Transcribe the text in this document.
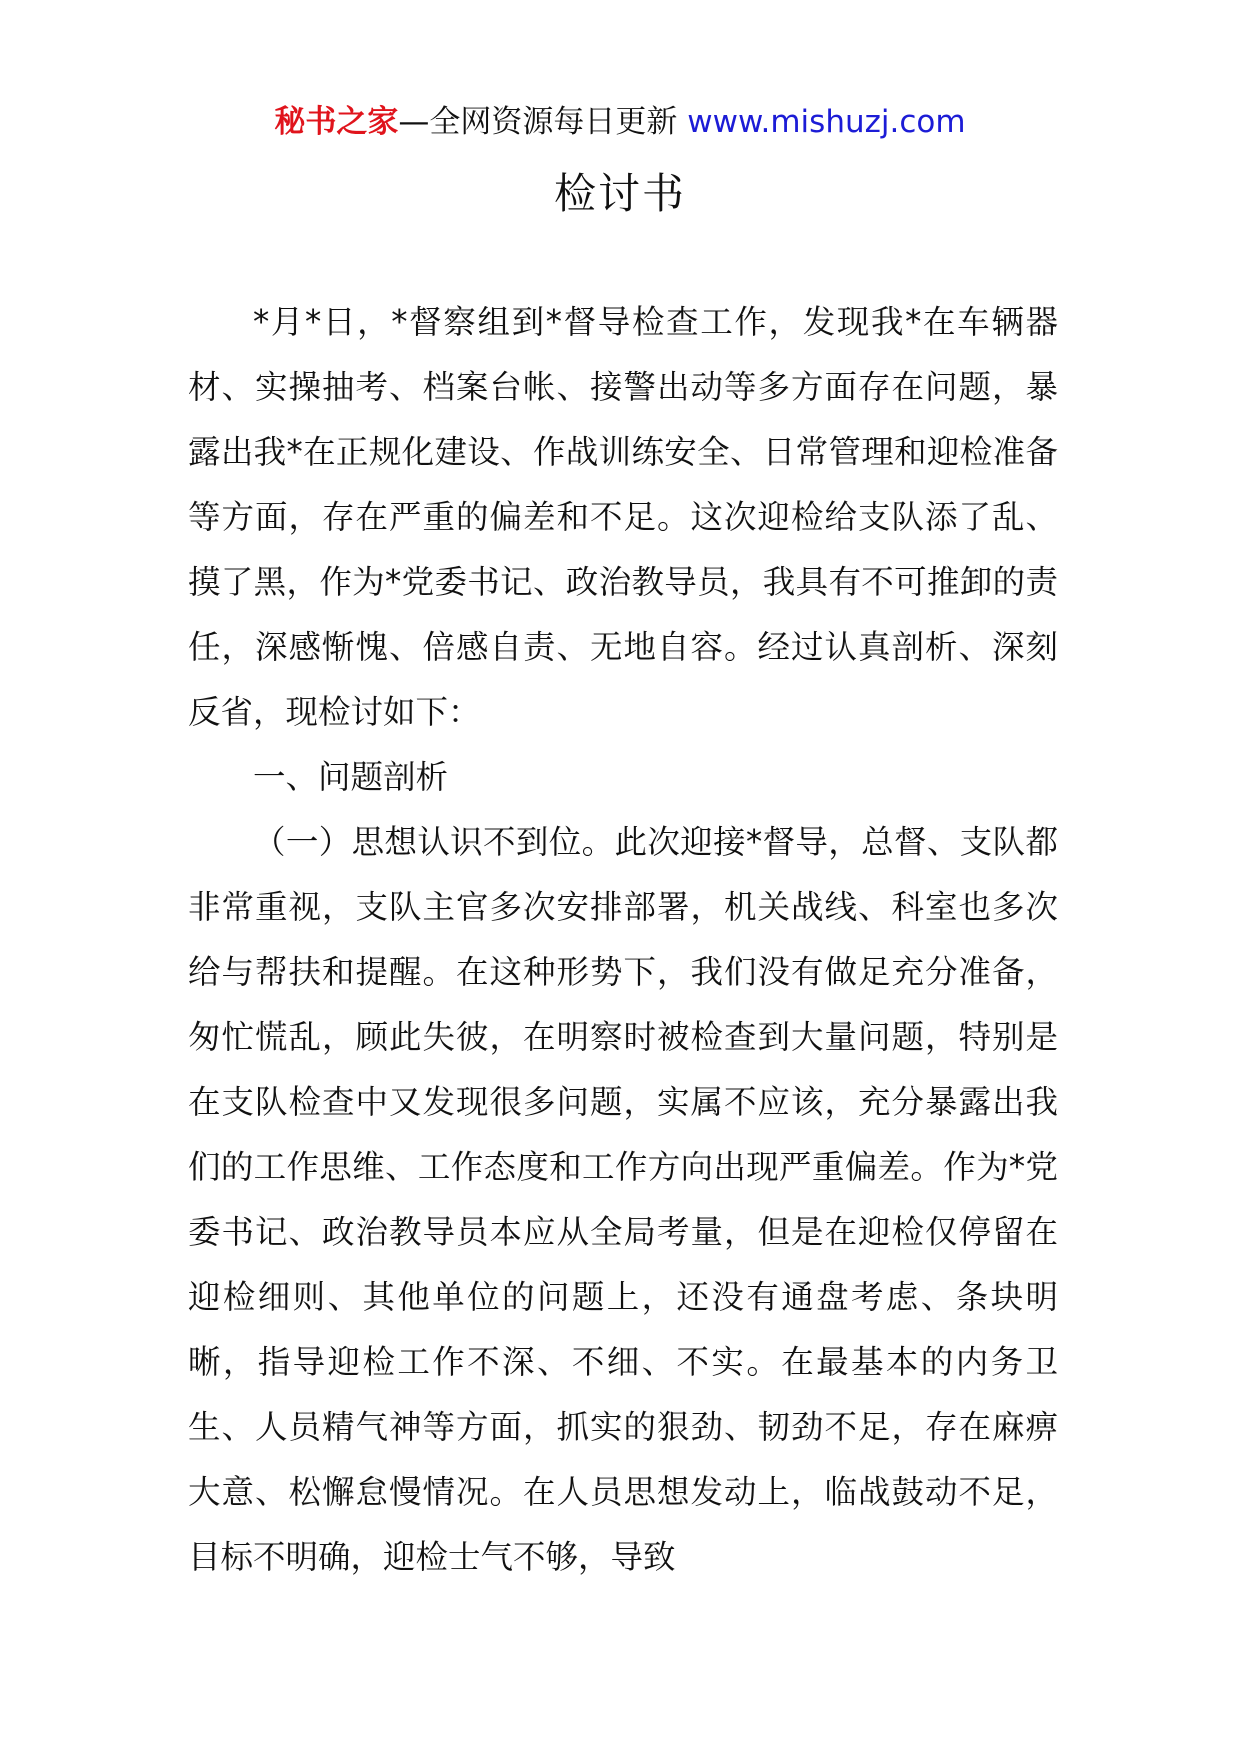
秘书之家—全网资源每日更新 www.mishuzj.com
检讨书

*月*日，*督察组到*督导检查工作，发现我*在车辆器材、实操抽考、档案台帐、接警出动等多方面存在问题，暴露出我*在正规化建设、作战训练安全、日常管理和迎检准备等方面，存在严重的偏差和不足。这次迎检给支队添了乱、摸了黑，作为*党委书记、政治教导员，我具有不可推卸的责任，深感惭愧、倍感自责、无地自容。经过认真剖析、深刻反省，现检讨如下：

一、问题剖析

（一）思想认识不到位。此次迎接*督导，总督、支队都非常重视，支队主官多次安排部署，机关战线、科室也多次给与帮扶和提醒。在这种形势下，我们没有做足充分准备，匆忙慌乱，顾此失彼，在明察时被检查到大量问题，特别是在支队检查中又发现很多问题，实属不应该，充分暴露出我们的工作思维、工作态度和工作方向出现严重偏差。作为*党委书记、政治教导员本应从全局考量，但是在迎检仅停留在迎检细则、其他单位的问题上，还没有通盘考虑、条块明晰，指导迎检工作不深、不细、不实。在最基本的内务卫生、人员精气神等方面，抓实的狠劲、韧劲不足，存在麻痹大意、松懈怠慢情况。在人员思想发动上，临战鼓动不足，目标不明确，迎检士气不够，导致
